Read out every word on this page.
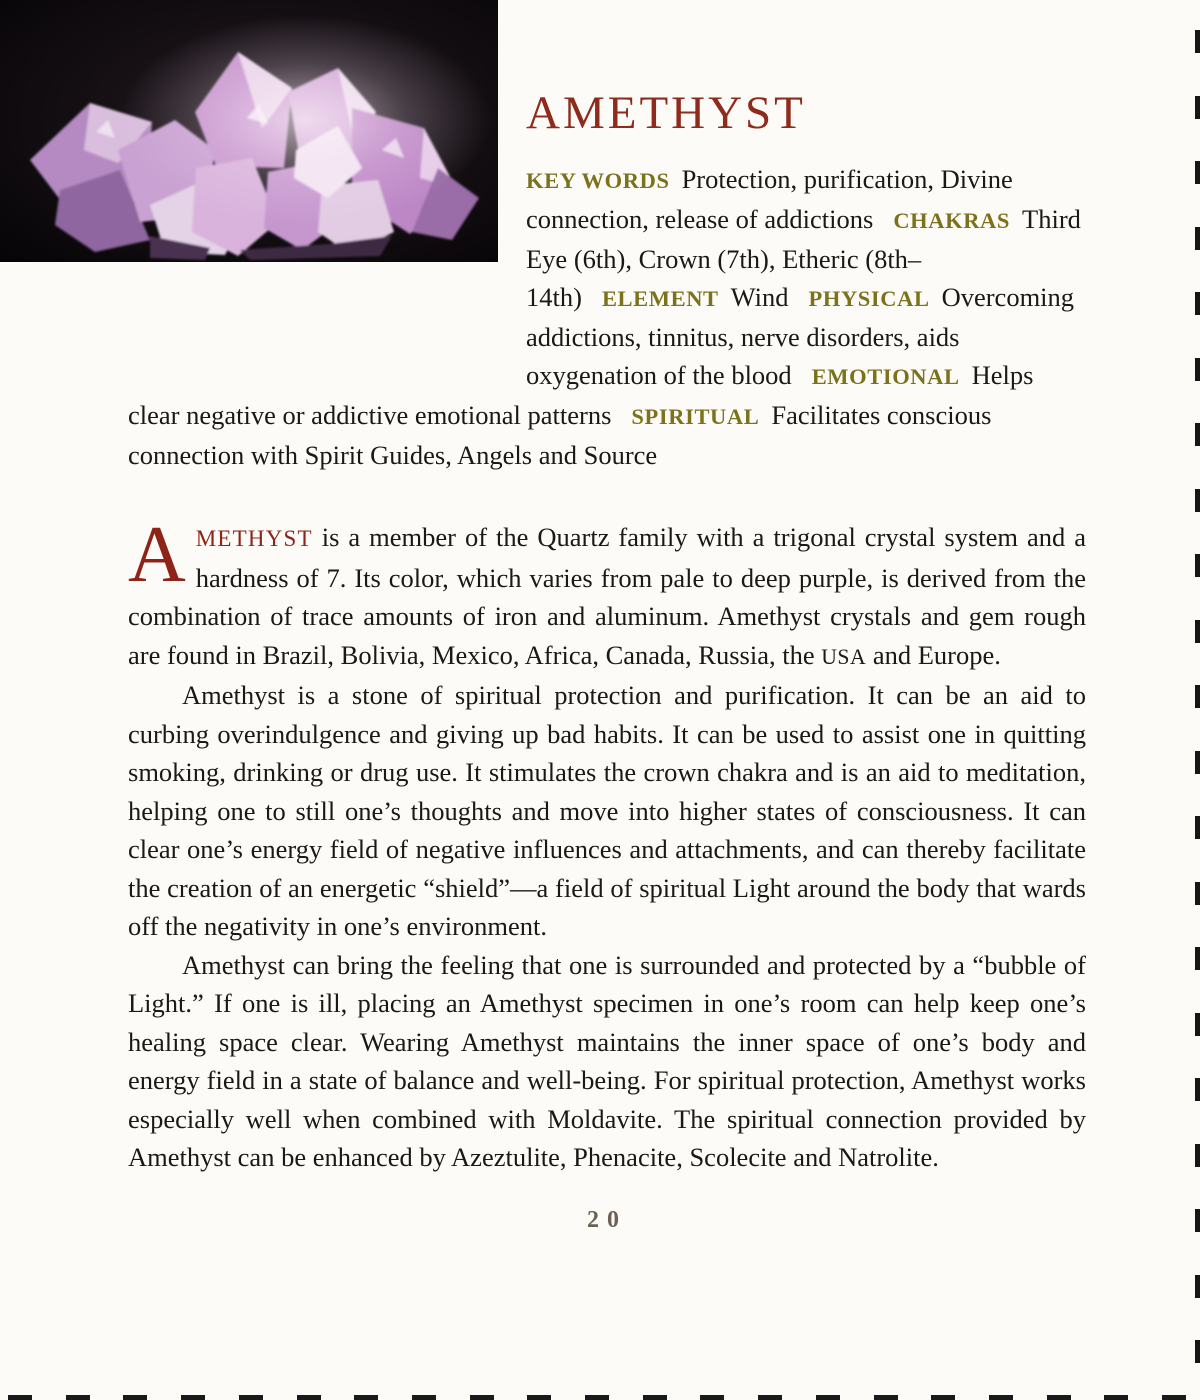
AMETHYST

KEY WORDS Protection, purification, Divine connection, release of addictions CHAKRAS Third Eye (6th), Crown (7th), Etheric (8th–14th) ELEMENT Wind PHYSICAL Overcoming addictions, tinnitus, nerve disorders, aids oxygenation of the blood EMOTIONAL Helps clear negative or addictive emotional patterns SPIRITUAL Facilitates conscious connection with Spirit Guides, Angels and Source

AMETHYST is a member of the Quartz family with a trigonal crystal system and a hardness of 7. Its color, which varies from pale to deep purple, is derived from the combination of trace amounts of iron and aluminum. Amethyst crystals and gem rough are found in Brazil, Bolivia, Mexico, Africa, Canada, Russia, the USA and Europe.

Amethyst is a stone of spiritual protection and purification. It can be an aid to curbing overindulgence and giving up bad habits. It can be used to assist one in quitting smoking, drinking or drug use. It stimulates the crown chakra and is an aid to meditation, helping one to still one’s thoughts and move into higher states of consciousness. It can clear one’s energy field of negative influences and attachments, and can thereby facilitate the creation of an energetic “shield”—a field of spiritual Light around the body that wards off the negativity in one’s environment.

Amethyst can bring the feeling that one is surrounded and protected by a “bubble of Light.” If one is ill, placing an Amethyst specimen in one’s room can help keep one’s healing space clear. Wearing Amethyst maintains the inner space of one’s body and energy field in a state of balance and well-being. For spiritual protection, Amethyst works especially well when combined with Moldavite. The spiritual connection provided by Amethyst can be enhanced by Azeztulite, Phenacite, Scolecite and Natrolite.

20
